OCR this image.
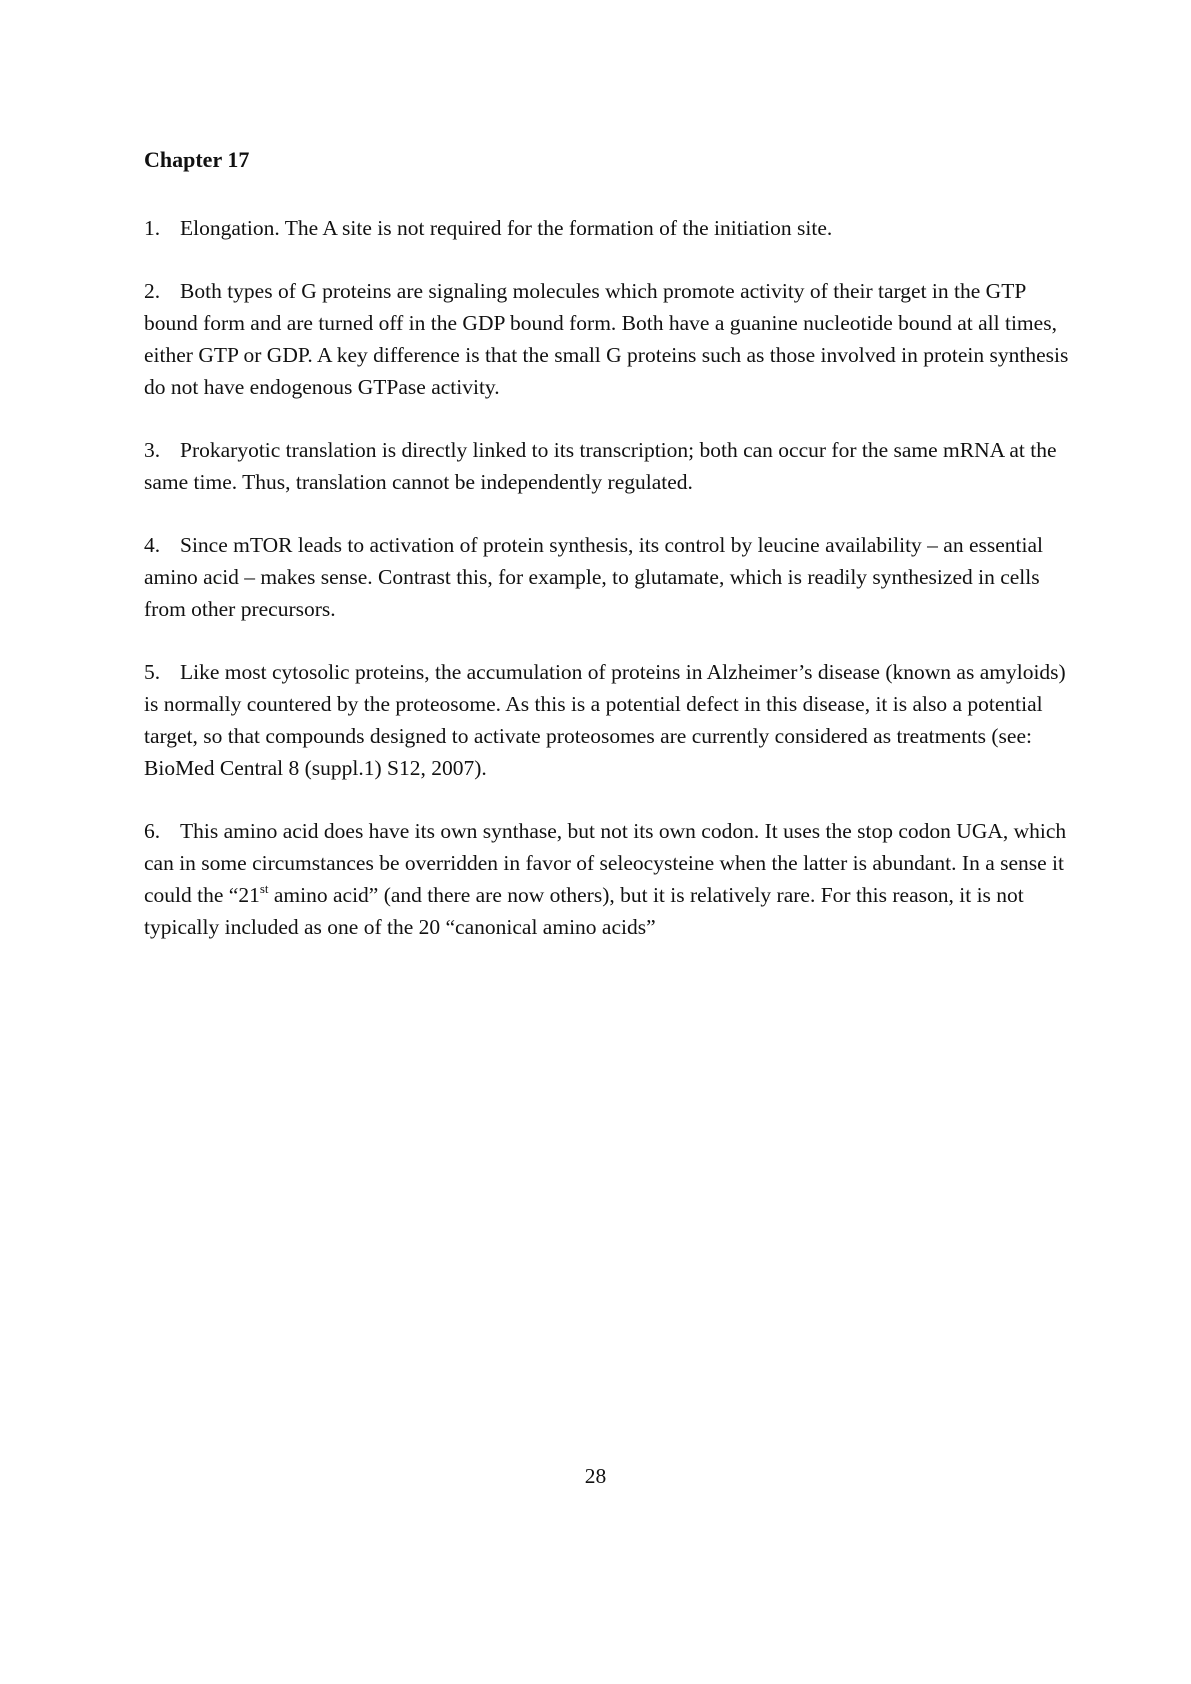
Chapter 17
1. Elongation. The A site is not required for the formation of the initiation site.
2. Both types of G proteins are signaling molecules which promote activity of their target in the GTP bound form and are turned off in the GDP bound form. Both have a guanine nucleotide bound at all times, either GTP or GDP. A key difference is that the small G proteins such as those involved in protein synthesis do not have endogenous GTPase activity.
3. Prokaryotic translation is directly linked to its transcription; both can occur for the same mRNA at the same time. Thus, translation cannot be independently regulated.
4. Since mTOR leads to activation of protein synthesis, its control by leucine availability – an essential amino acid – makes sense. Contrast this, for example, to glutamate, which is readily synthesized in cells from other precursors.
5. Like most cytosolic proteins, the accumulation of proteins in Alzheimer’s disease (known as amyloids) is normally countered by the proteosome. As this is a potential defect in this disease, it is also a potential target, so that compounds designed to activate proteosomes are currently considered as treatments (see: BioMed Central 8 (suppl.1) S12, 2007).
6. This amino acid does have its own synthase, but not its own codon. It uses the stop codon UGA, which can in some circumstances be overridden in favor of seleocysteine when the latter is abundant. In a sense it could the “21st amino acid” (and there are now others), but it is relatively rare. For this reason, it is not typically included as one of the 20 “canonical amino acids”
28
